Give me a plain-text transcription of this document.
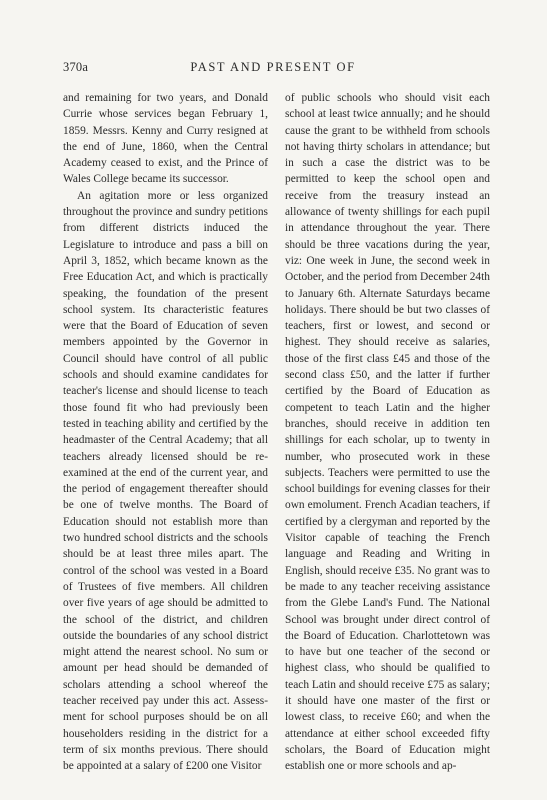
370a	PAST AND PRESENT OF

and remaining for two years, and Donald Currie whose services began February 1, 1859. Messrs. Kenny and Curry resigned at the end of June, 1860, when the Central Academy ceased to exist, and the Prince of Wales College became its successor.

An agitation more or less organized throughout the province and sundry petitions from different districts induced the Legislature to introduce and pass a bill on April 3, 1852, which became known as the Free Education Act, and which is practically speaking, the foundation of the present school system. Its characteristic features were that the Board of Education of seven members appointed by the Governor in Council should have control of all public schools and should examine candidates for teacher's license and should license to teach those found fit who had previously been tested in teaching ability and certified by the headmaster of the Central Academy; that all teachers already licensed should be reexamined at the end of the current year, and the period of engagement thereafter should be one of twelve months. The Board of Education should not establish more than two hundred school districts and the schools should be at least three miles apart. The control of the school was vested in a Board of Trustees of five members. All children over five years of age should be admitted to the school of the district, and children outside the boundaries of any school district might attend the nearest school. No sum or amount per head should be demanded of scholars attending a school whereof the teacher received pay under this act. Assessment for school purposes should be on all householders residing in the district for a term of six months previous. There should be appointed at a salary of £200 one Visitor

of public schools who should visit each school at least twice annually; and he should cause the grant to be withheld from schools not having thirty scholars in attendance; but in such a case the district was to be permitted to keep the school open and receive from the treasury instead an allowance of twenty shillings for each pupil in attendance throughout the year. There should be three vacations during the year, viz: One week in June, the second week in October, and the period from December 24th to January 6th. Alternate Saturdays became holidays. There should be but two classes of teachers, first or lowest, and second or highest. They should receive as salaries, those of the first class £45 and those of the second class £50, and the latter if further certified by the Board of Education as competent to teach Latin and the higher branches, should receive in addition ten shillings for each scholar, up to twenty in number, who prosecuted work in these subjects. Teachers were permitted to use the school buildings for evening classes for their own emolument. French Acadian teachers, if certified by a clergyman and reported by the Visitor capable of teaching the French language and Reading and Writing in English, should receive £35. No grant was to be made to any teacher receiving assistance from the Glebe Land's Fund. The National School was brought under direct control of the Board of Education. Charlottetown was to have but one teacher of the second or highest class, who should be qualified to teach Latin and should receive £75 as salary; it should have one master of the first or lowest class, to receive £60; and when the attendance at either school exceeded fifty scholars, the Board of Education might establish one or more schools and ap-
